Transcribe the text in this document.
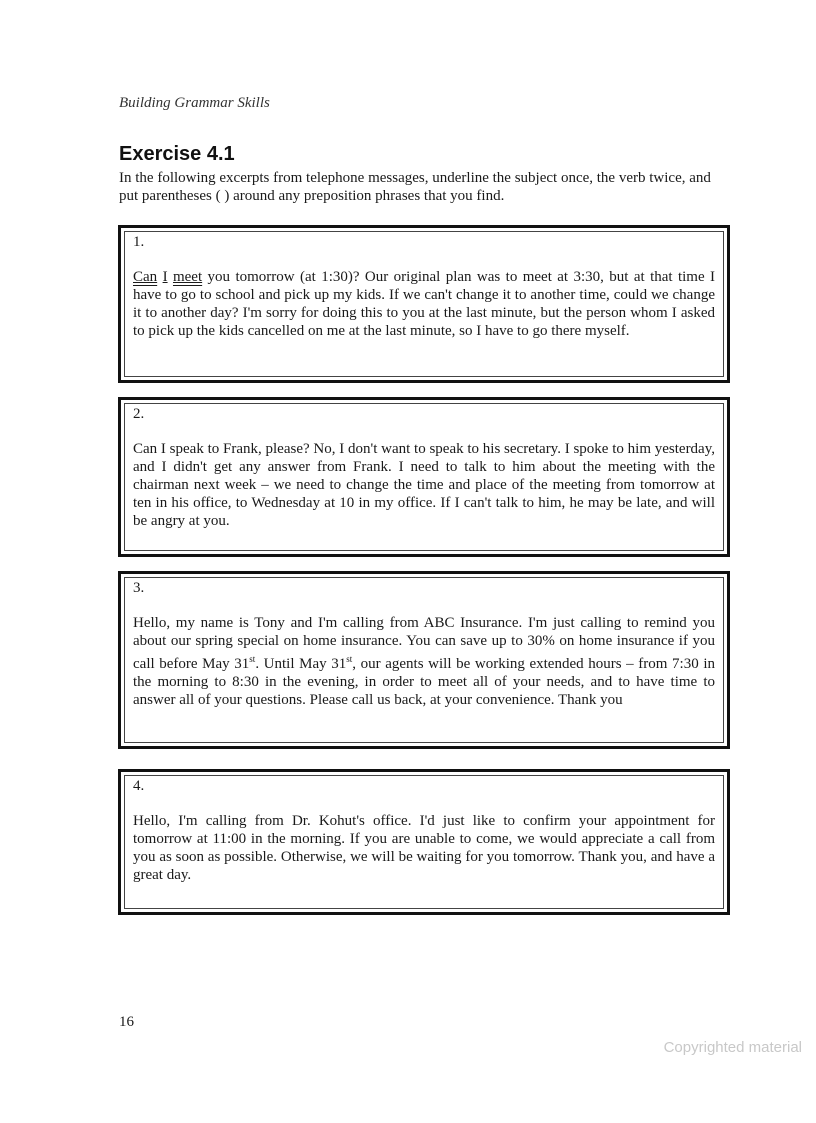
Building Grammar Skills
Exercise 4.1

In the following excerpts from telephone messages, underline the subject once, the verb twice, and put parentheses ( ) around any preposition phrases that you find.

1.
Can I meet you tomorrow (at 1:30)? Our original plan was to meet at 3:30, but at that time I have to go to school and pick up my kids. If we can't change it to another time, could we change it to another day? I'm sorry for doing this to you at the last minute, but the person whom I asked to pick up the kids cancelled on me at the last minute, so I have to go there myself.
2.
Can I speak to Frank, please? No, I don't want to speak to his secretary. I spoke to him yesterday, and I didn't get any answer from Frank. I need to talk to him about the meeting with the chairman next week – we need to change the time and place of the meeting from tomorrow at ten in his office, to Wednesday at 10 in my office. If I can't talk to him, he may be late, and will be angry at you.
3.
Hello, my name is Tony and I'm calling from ABC Insurance. I'm just calling to remind you about our spring special on home insurance. You can save up to 30% on home insurance if you call before May 31st. Until May 31st, our agents will be working extended hours – from 7:30 in the morning to 8:30 in the evening, in order to meet all of your needs, and to have time to answer all of your questions. Please call us back, at your convenience. Thank you
4.
Hello, I'm calling from Dr. Kohut's office. I'd just like to confirm your appointment for tomorrow at 11:00 in the morning. If you are unable to come, we would appreciate a call from you as soon as possible. Otherwise, we will be waiting for you tomorrow. Thank you, and have a great day.
16
Copyrighted material
